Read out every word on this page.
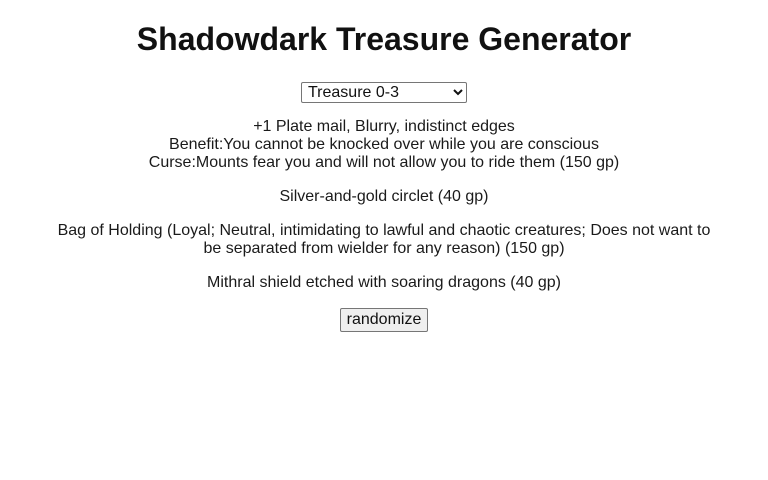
Shadowdark Treasure Generator
Treasure 0-3
+1 Plate mail, Blurry, indistinct edges
Benefit:You cannot be knocked over while you are conscious
Curse:Mounts fear you and will not allow you to ride them (150 gp)
Silver-and-gold circlet (40 gp)
Bag of Holding (Loyal; Neutral, intimidating to lawful and chaotic creatures; Does not want to be separated from wielder for any reason) (150 gp)
Mithral shield etched with soaring dragons (40 gp)
randomize
